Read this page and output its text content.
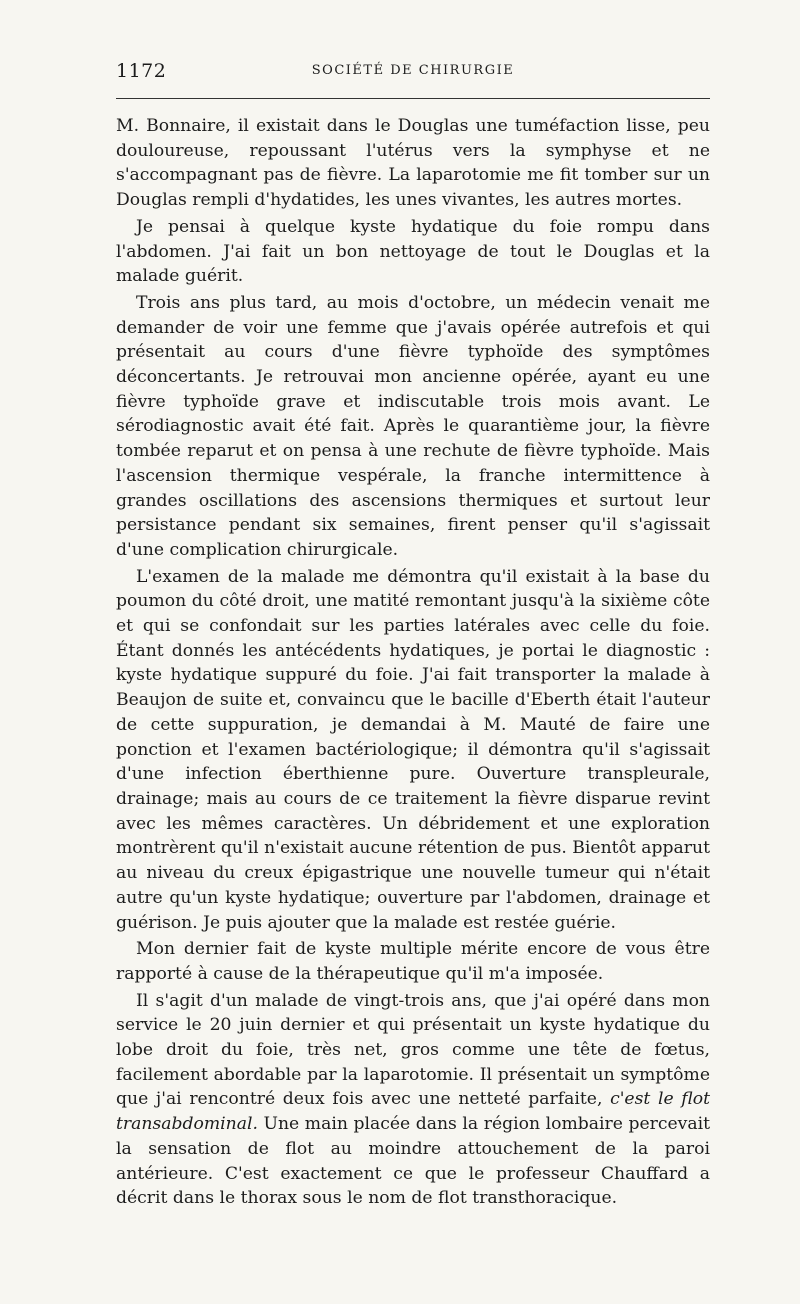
1172	SOCIÉTÉ DE CHIRURGIE

M. Bonnaire, il existait dans le Douglas une tuméfaction lisse, peu douloureuse, repoussant l'utérus vers la symphyse et ne s'accompagnant pas de fièvre. La laparotomie me fit tomber sur un Douglas rempli d'hydatides, les unes vivantes, les autres mortes.

Je pensai à quelque kyste hydatique du foie rompu dans l'abdomen. J'ai fait un bon nettoyage de tout le Douglas et la malade guérit.

Trois ans plus tard, au mois d'octobre, un médecin venait me demander de voir une femme que j'avais opérée autrefois et qui présentait au cours d'une fièvre typhoïde des symptômes déconcertants. Je retrouvai mon ancienne opérée, ayant eu une fièvre typhoïde grave et indiscutable trois mois avant. Le sérodiagnostic avait été fait. Après le quarantième jour, la fièvre tombée reparut et on pensa à une rechute de fièvre typhoïde. Mais l'ascension thermique vespérale, la franche intermittence à grandes oscillations des ascensions thermiques et surtout leur persistance pendant six semaines, firent penser qu'il s'agissait d'une complication chirurgicale.

L'examen de la malade me démontra qu'il existait à la base du poumon du côté droit, une matité remontant jusqu'à la sixième côte et qui se confondait sur les parties latérales avec celle du foie. Étant donnés les antécédents hydatiques, je portai le diagnostic : kyste hydatique suppuré du foie. J'ai fait transporter la malade à Beaujon de suite et, convaincu que le bacille d'Eberth était l'auteur de cette suppuration, je demandai à M. Mauté de faire une ponction et l'examen bactériologique; il démontra qu'il s'agissait d'une infection éberthienne pure. Ouverture transpleurale, drainage; mais au cours de ce traitement la fièvre disparue revint avec les mêmes caractères. Un débridement et une exploration montrèrent qu'il n'existait aucune rétention de pus. Bientôt apparut au niveau du creux épigastrique une nouvelle tumeur qui n'était autre qu'un kyste hydatique; ouverture par l'abdomen, drainage et guérison. Je puis ajouter que la malade est restée guérie.

Mon dernier fait de kyste multiple mérite encore de vous être rapporté à cause de la thérapeutique qu'il m'a imposée.

Il s'agit d'un malade de vingt-trois ans, que j'ai opéré dans mon service le 20 juin dernier et qui présentait un kyste hydatique du lobe droit du foie, très net, gros comme une tête de fœtus, facilement abordable par la laparotomie. Il présentait un symptôme que j'ai rencontré deux fois avec une netteté parfaite, c'est le flot transabdominal. Une main placée dans la région lombaire percevait la sensation de flot au moindre attouchement de la paroi antérieure. C'est exactement ce que le professeur Chauffard a décrit dans le thorax sous le nom de flot transthoracique.
